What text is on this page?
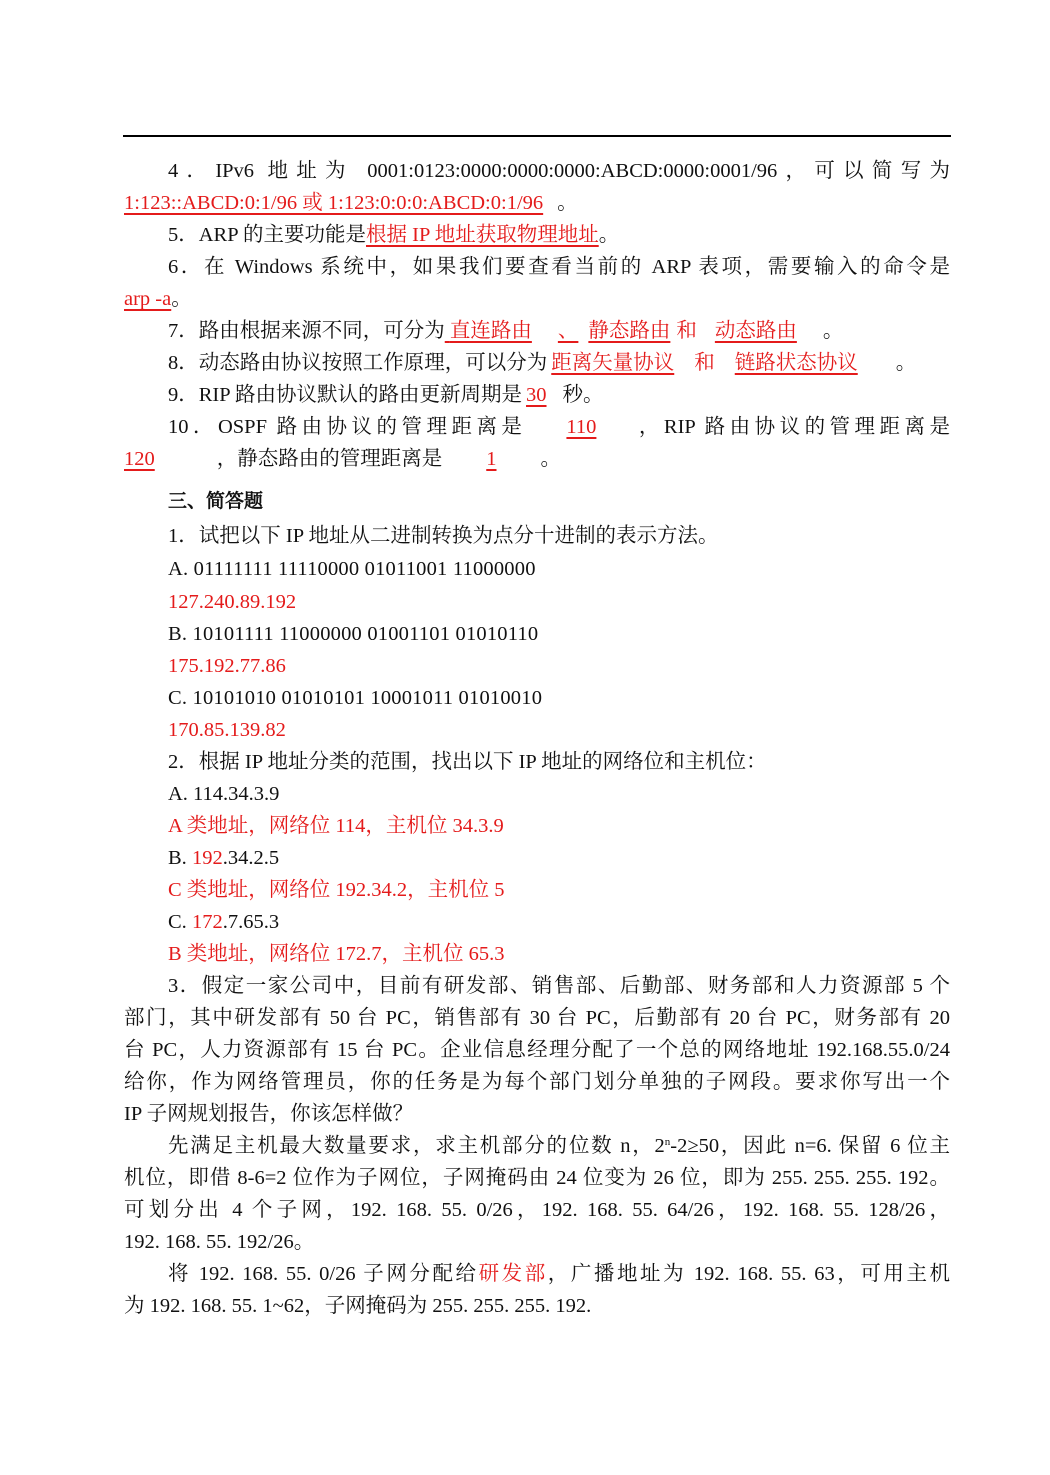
4．IPv6 地址为 0001:0123:0000:0000:0000:ABCD:0000:0001/96，可以简写为
1:123::ABCD:0:1/96 或 1:123:0:0:0:ABCD:0:1/96 。
5．ARP 的主要功能是根据 IP 地址获取物理地址。
6．在 Windows 系统中，如果我们要查看当前的 ARP 表项，需要输入的命令是
arp -a。
7．路由根据来源不同，可分为 直连路由 、 静态路由 和 动态路由 。
8．动态路由协议按照工作原理，可以分为 距离矢量协议 和 链路状态协议 。
9．RIP 路由协议默认的路由更新周期是 30 秒。
10．OSPF 路由协议的管理距离是 110 ，RIP 路由协议的管理距离是
120	，静态路由的管理距离是 1 。
三、简答题
1．试把以下 IP 地址从二进制转换为点分十进制的表示方法。
A. 01111111 11110000 01011001 11000000
127.240.89.192
B. 10101111 11000000 01001101 01010110
175.192.77.86
C. 10101010 01010101 10001011 01010010
170.85.139.82
2．根据 IP 地址分类的范围，找出以下 IP 地址的网络位和主机位：
A. 114.34.3.9
A 类地址，网络位 114，主机位 34.3.9
B. 192.34.2.5
C 类地址，网络位 192.34.2，主机位 5
C. 172.7.65.3
B 类地址，网络位 172.7，主机位 65.3
3．假定一家公司中，目前有研发部、销售部、后勤部、财务部和人力资源部 5 个
部门，其中研发部有 50 台 PC，销售部有 30 台 PC，后勤部有 20 台 PC，财务部有 20
台 PC，人力资源部有 15 台 PC。企业信息经理分配了一个总的网络地址 192.168.55.0/24
给你，作为网络管理员，你的任务是为每个部门划分单独的子网段。要求你写出一个
IP 子网规划报告，你该怎样做？
先满足主机最大数量要求，求主机部分的位数 n，$2^n-2\ge 50$，因此 n=6. 保留 6 位主
机位，即借 8-6=2 位作为子网位，子网掩码由 24 位变为 26 位，即为 255. 255. 255. 192。
可划分出 4 个子网，192. 168. 55. 0/26，192. 168. 55. 64/26，192. 168. 55. 128/26，
192. 168. 55. 192/26。
将 192. 168. 55. 0/26 子网分配给研发部，广播地址为 192. 168. 55. 63，可用主机
为 192. 168. 55. 1~62，子网掩码为 255. 255. 255. 192.
